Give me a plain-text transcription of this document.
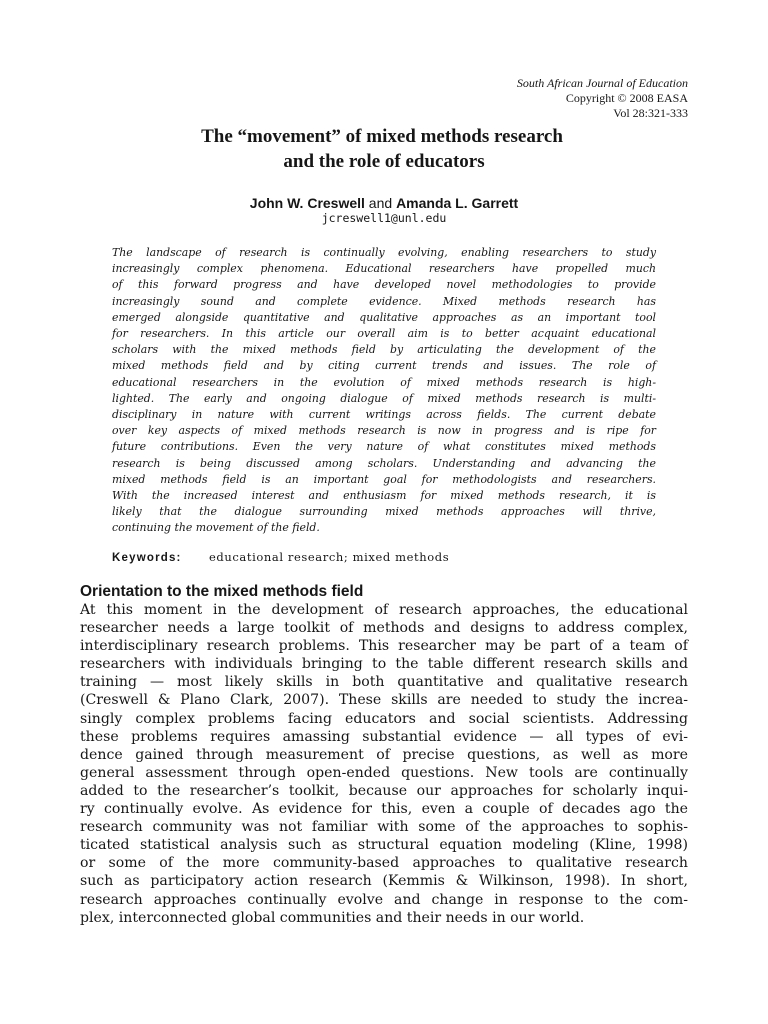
South African Journal of Education
Copyright © 2008 EASA
Vol 28:321-333
The “movement” of mixed methods research
and the role of educators
John W. Creswell and Amanda L. Garrett
jcreswell1@unl.edu
The landscape of research is continually evolving, enabling researchers to study
increasingly complex phenomena. Educational researchers have propelled much
of this forward progress and have developed novel methodologies to provide
increasingly sound and complete evidence. Mixed methods research has
emerged alongside quantitative and qualitative approaches as an important tool
for researchers. In this article our overall aim is to better acquaint educational
scholars with the mixed methods field by articulating the development of the
mixed methods field and by citing current trends and issues. The role of
educational researchers in the evolution of mixed methods research is high-
lighted. The early and ongoing dialogue of mixed methods research is multi-
disciplinary in nature with current writings across fields. The current debate
over key aspects of mixed methods research is now in progress and is ripe for
future contributions. Even the very nature of what constitutes mixed methods
research is being discussed among scholars. Understanding and advancing the
mixed methods field is an important goal for methodologists and researchers.
With the increased interest and enthusiasm for mixed methods research, it is
likely that the dialogue surrounding mixed methods approaches will thrive,
continuing the movement of the field.
Keywords: educational research; mixed methods
Orientation to the mixed methods field
At this moment in the development of research approaches, the educational
researcher needs a large toolkit of methods and designs to address complex,
interdisciplinary research problems. This researcher may be part of a team of
researchers with individuals bringing to the table different research skills and
training — most likely skills in both quantitative and qualitative research
(Creswell & Plano Clark, 2007). These skills are needed to study the increa-
singly complex problems facing educators and social scientists. Addressing
these problems requires amassing substantial evidence — all types of evi-
dence gained through measurement of precise questions, as well as more
general assessment through open-ended questions. New tools are continually
added to the researcher’s toolkit, because our approaches for scholarly inqui-
ry continually evolve. As evidence for this, even a couple of decades ago the
research community was not familiar with some of the approaches to sophis-
ticated statistical analysis such as structural equation modeling (Kline, 1998)
or some of the more community-based approaches to qualitative research
such as participatory action research (Kemmis & Wilkinson, 1998). In short,
research approaches continually evolve and change in response to the com-
plex, interconnected global communities and their needs in our world.
